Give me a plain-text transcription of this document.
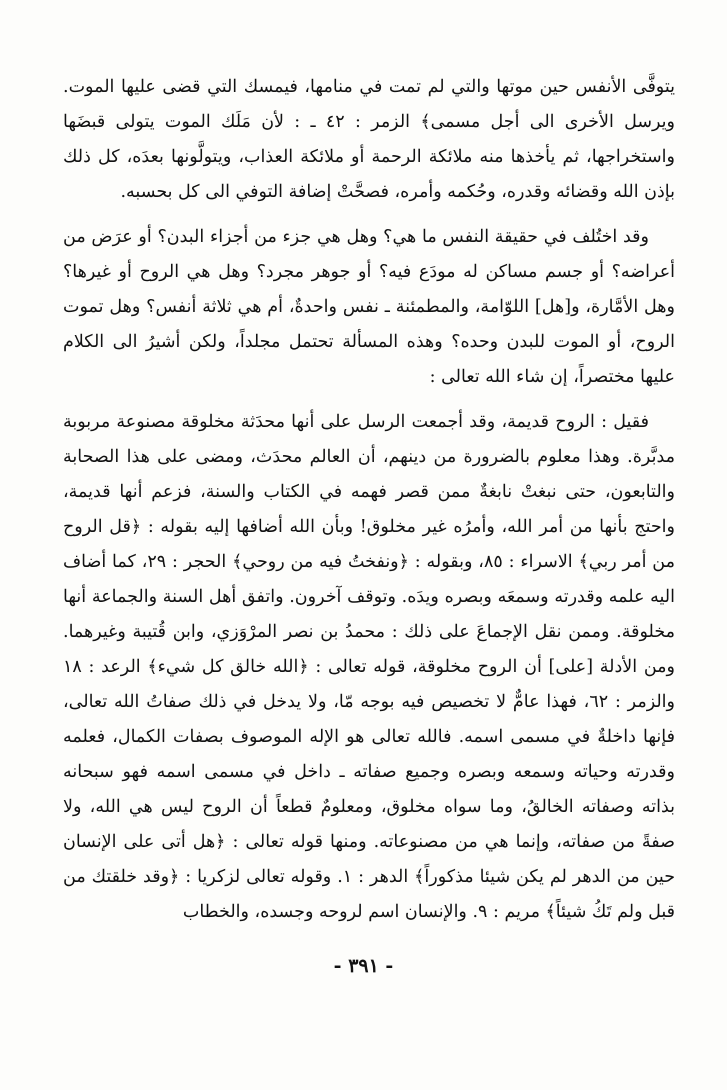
يتوفَّى الأنفس حين موتها والتي لم تمت في منامها، فيمسك التي قضى عليها الموت. ويرسل الأخرى الى أجل مسمى﴾ الزمر : ٤٢ ـ : لأن مَلَك الموت يتولى قبضَها واستخراجها، ثم يأخذها منه ملائكة الرحمة أو ملائكة العذاب، ويتولَّونها بعدَه، كل ذلك بإذن الله وقضائه وقدره، وحُكمه وأمره، فصحَّتْ إضافة التوفي الى كل بحسبه.

وقد اختُلف في حقيقة النفس ما هي؟ وهل هي جزء من أجزاء البدن؟ أو عرَض من أعراضه؟ أو جسم مساكن له مودَع فيه؟ أو جوهر مجرد؟ وهل هي الروح أو غيرها؟ وهل الأمَّارة، و[هل] اللوّامة، والمطمئنة ـ نفس واحدةٌ، أم هي ثلاثة أنفس؟ وهل تموت الروح، أو الموت للبدن وحده؟ وهذه المسألة تحتمل مجلداً، ولكن أشيرُ الى الكلام عليها مختصراً، إن شاء الله تعالى :

فقيل : الروح قديمة، وقد أجمعت الرسل على أنها محدَثة مخلوقة مصنوعة مربوبة مدبَّرة. وهذا معلوم بالضرورة من دينهم، أن العالم محدَث، ومضى على هذا الصحابة والتابعون، حتى نبغتْ نابغةٌ ممن قصر فهمه في الكتاب والسنة، فزعم أنها قديمة، واحتج بأنها من أمر الله، وأمرُه غير مخلوق! وبأن الله أضافها إليه بقوله : ﴿قل الروح من أمر ربي﴾ الاسراء : ٨٥، وبقوله : ﴿ونفختُ فيه من روحي﴾ الحجر : ٢٩، كما أضاف اليه علمه وقدرته وسمعَه وبصره ويدَه. وتوقف آخرون. واتفق أهل السنة والجماعة أنها مخلوقة. وممن نقل الإجماعَ على ذلك : محمدُ بن نصر المرْوَزي، وابن قُتيبة وغيرهما. ومن الأدلة [على] أن الروح مخلوقة، قوله تعالى : ﴿الله خالق كل شيء﴾ الرعد : ١٨ والزمر : ٦٢، فهذا عامٌّ لا تخصيص فيه بوجه مّا، ولا يدخل في ذلك صفاتُ الله تعالى، فإنها داخلةٌ في مسمى اسمه. فالله تعالى هو الإله الموصوف بصفات الكمال، فعلمه وقدرته وحياته وسمعه وبصره وجميع صفاته ـ داخل في مسمى اسمه فهو سبحانه بذاته وصفاته الخالقُ، وما سواه مخلوق، ومعلومٌ قطعاً أن الروح ليس هي الله، ولا صفةً من صفاته، وإنما هي من مصنوعاته. ومنها قوله تعالى : ﴿هل أتى على الإنسان حين من الدهر لم يكن شيئا مذكوراً﴾ الدهر : ١. وقوله تعالى لزكريا : ﴿وقد خلقتك من قبل ولم تَكُ شيئاً﴾ مريم : ٩. والإنسان اسم لروحه وجسده، والخطاب

- ٣٩١ -
